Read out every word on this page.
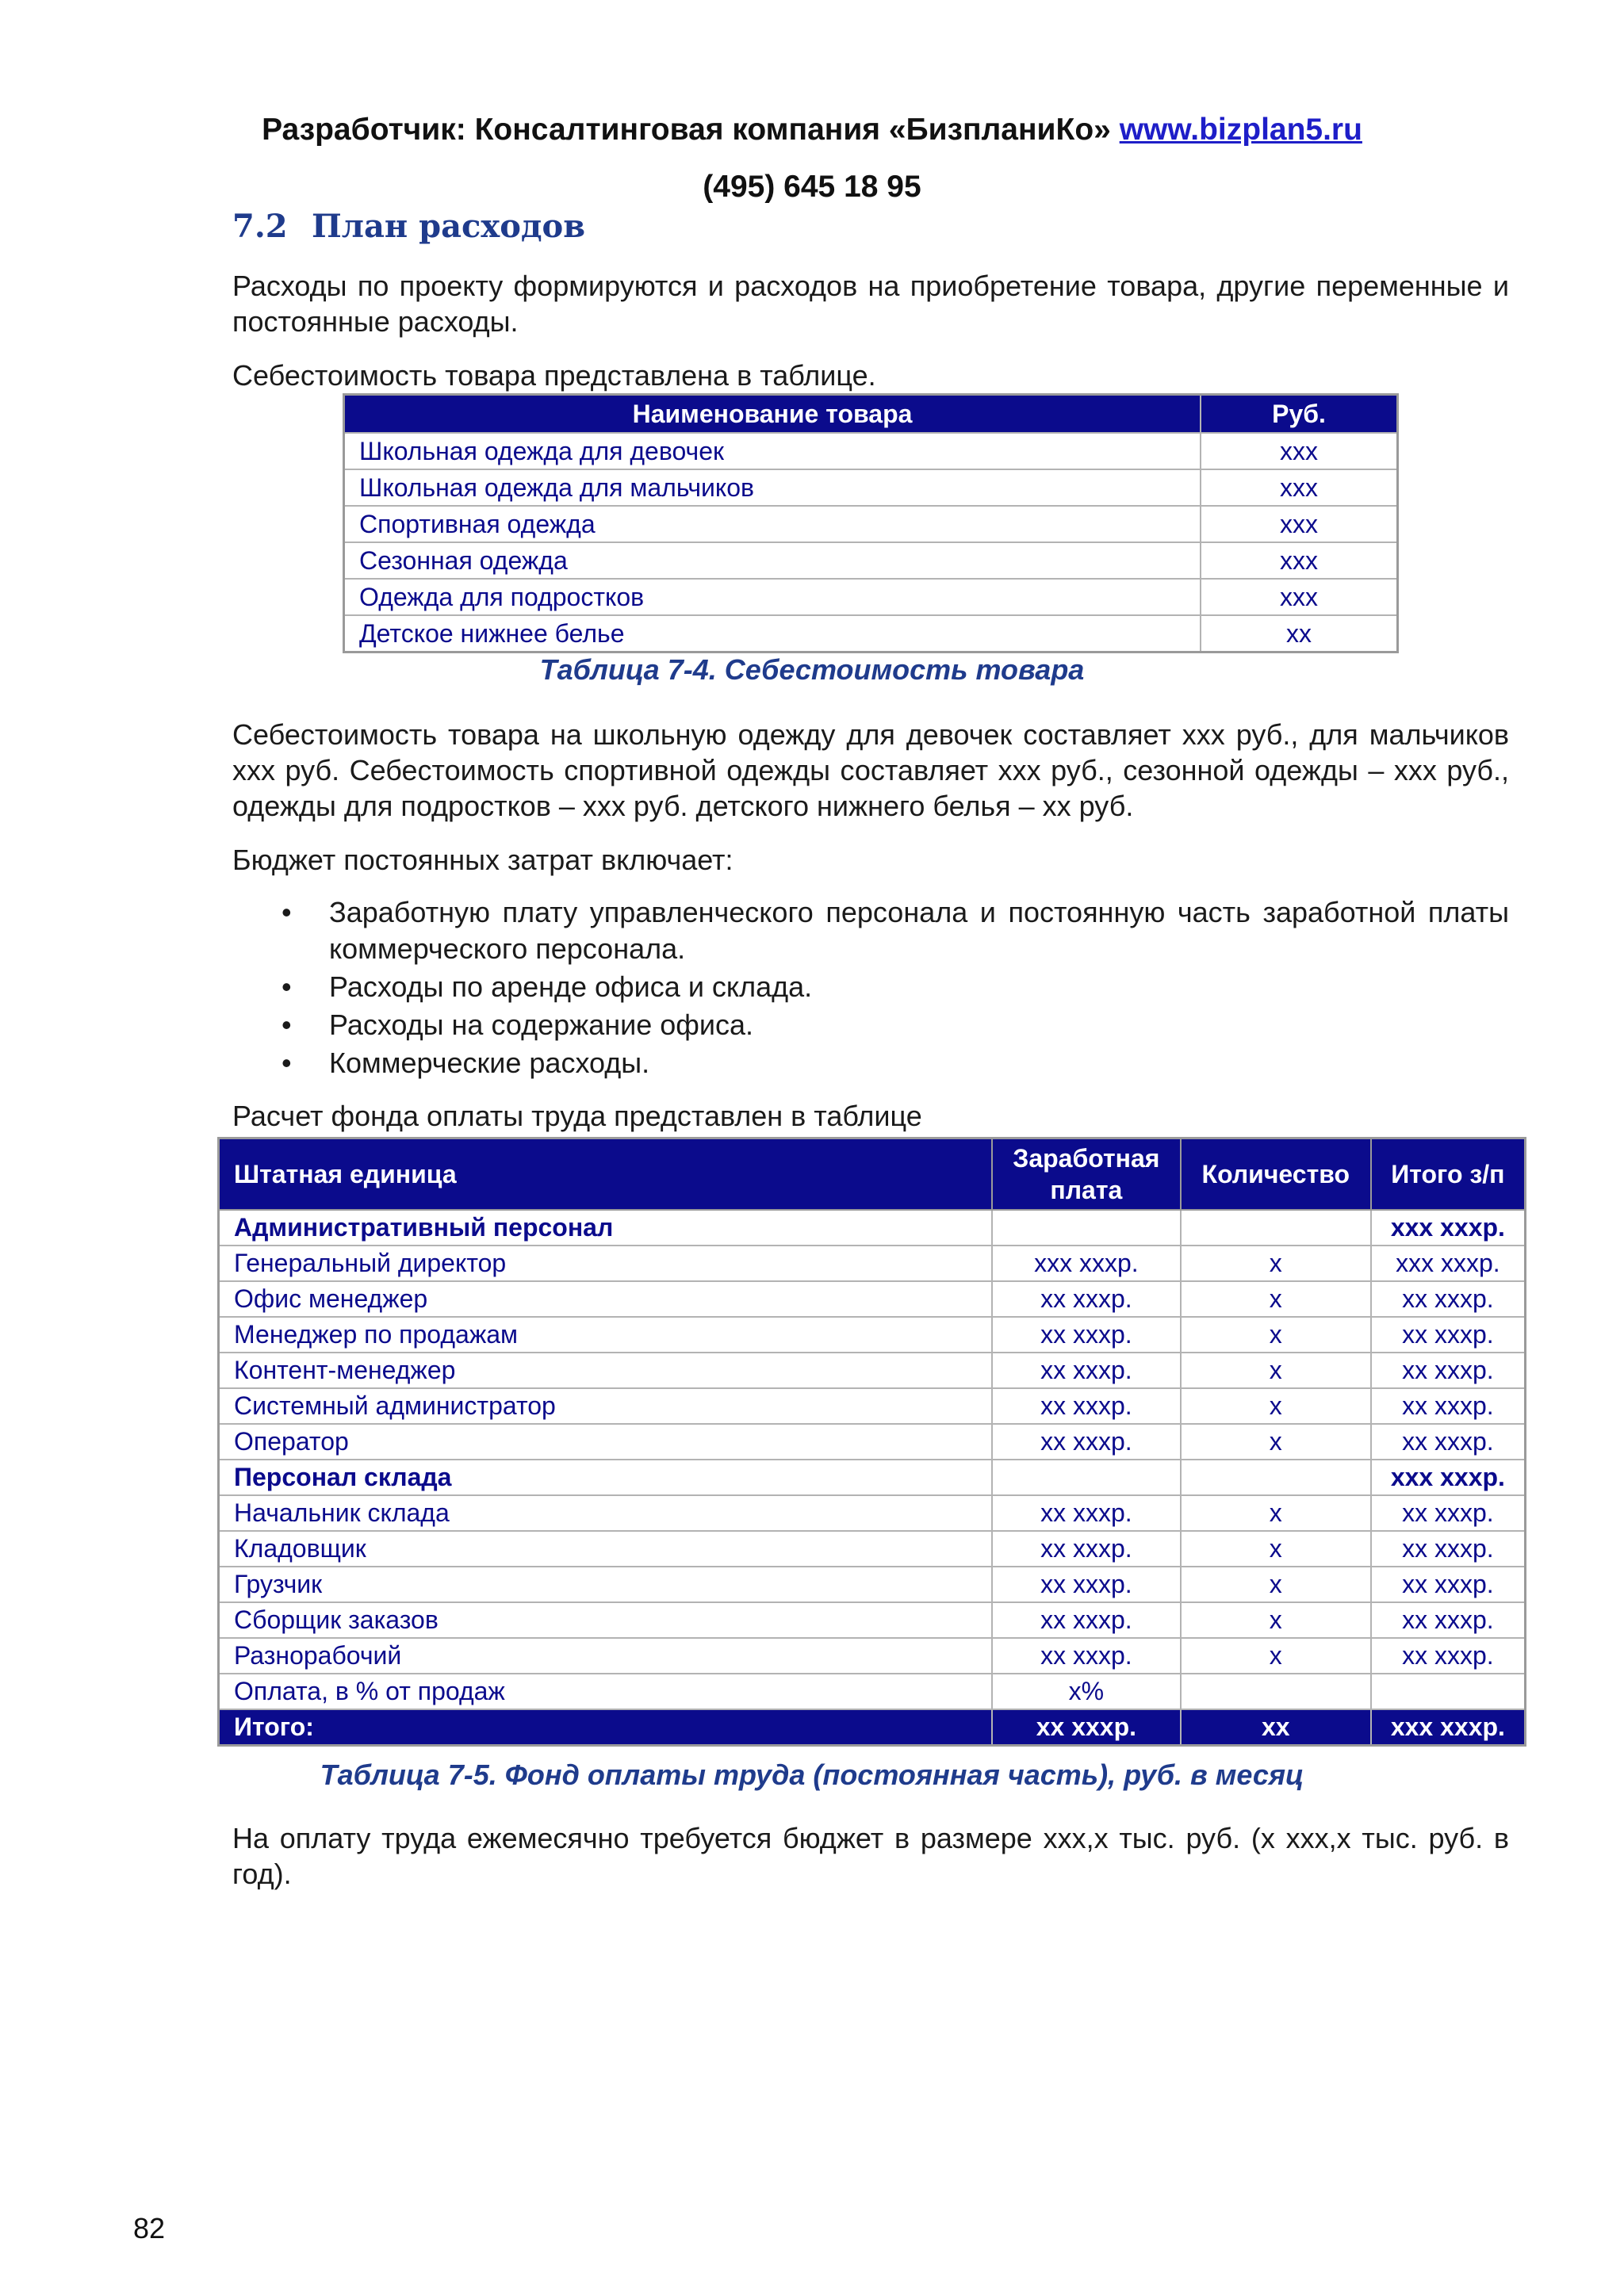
Разработчик: Консалтинговая компания «БизпланиКо» www.bizplan5.ru
(495) 645 18 95
7.2 План расходов
Расходы по проекту формируются и расходов на приобретение товара, другие переменные и постоянные расходы.
Себестоимость товара представлена в таблице.
Наименование товара	Руб.
Школьная одежда для девочек	ххх
Школьная одежда для мальчиков	ххх
Спортивная одежда	ххх
Сезонная одежда	ххх
Одежда для подростков	ххх
Детское нижнее белье	хх
Таблица 7-4. Себестоимость товара
Себестоимость товара на школьную одежду для девочек составляет ххх руб., для мальчиков ххх руб. Себестоимость спортивной одежды составляет ххх руб., сезонной одежды – ххх руб., одежды для подростков – ххх руб. детского нижнего белья – хх руб.
Бюджет постоянных затрат включает:
• Заработную плату управленческого персонала и постоянную часть заработной платы коммерческого персонала.
• Расходы по аренде офиса и склада.
• Расходы на содержание офиса.
• Коммерческие расходы.
Расчет фонда оплаты труда представлен в таблице
Штатная единица	Заработная плата	Количество	Итого з/п
Административный персонал			ххх хххр.
Генеральный директор	ххх хххр.	х	ххх хххр.
Офис менеджер	хх хххр.	х	хх хххр.
Менеджер по продажам	хх хххр.	х	хх хххр.
Контент-менеджер	хх хххр.	х	хх хххр.
Системный администратор	хх хххр.	х	хх хххр.
Оператор	хх хххр.	х	хх хххр.
Персонал склада			ххх хххр.
Начальник склада	хх хххр.	х	хх хххр.
Кладовщик	хх хххр.	х	хх хххр.
Грузчик	хх хххр.	х	хх хххр.
Сборщик заказов	хх хххр.	х	хх хххр.
Разнорабочий	хх хххр.	х	хх хххр.
Оплата, в % от продаж	х%		
Итого:	хх хххр.	хх	ххх хххр.
Таблица 7-5. Фонд оплаты труда (постоянная часть), руб. в месяц
На оплату труда ежемесячно требуется бюджет в размере ххх,х тыс. руб. (х ххх,х тыс. руб. в год).
82
